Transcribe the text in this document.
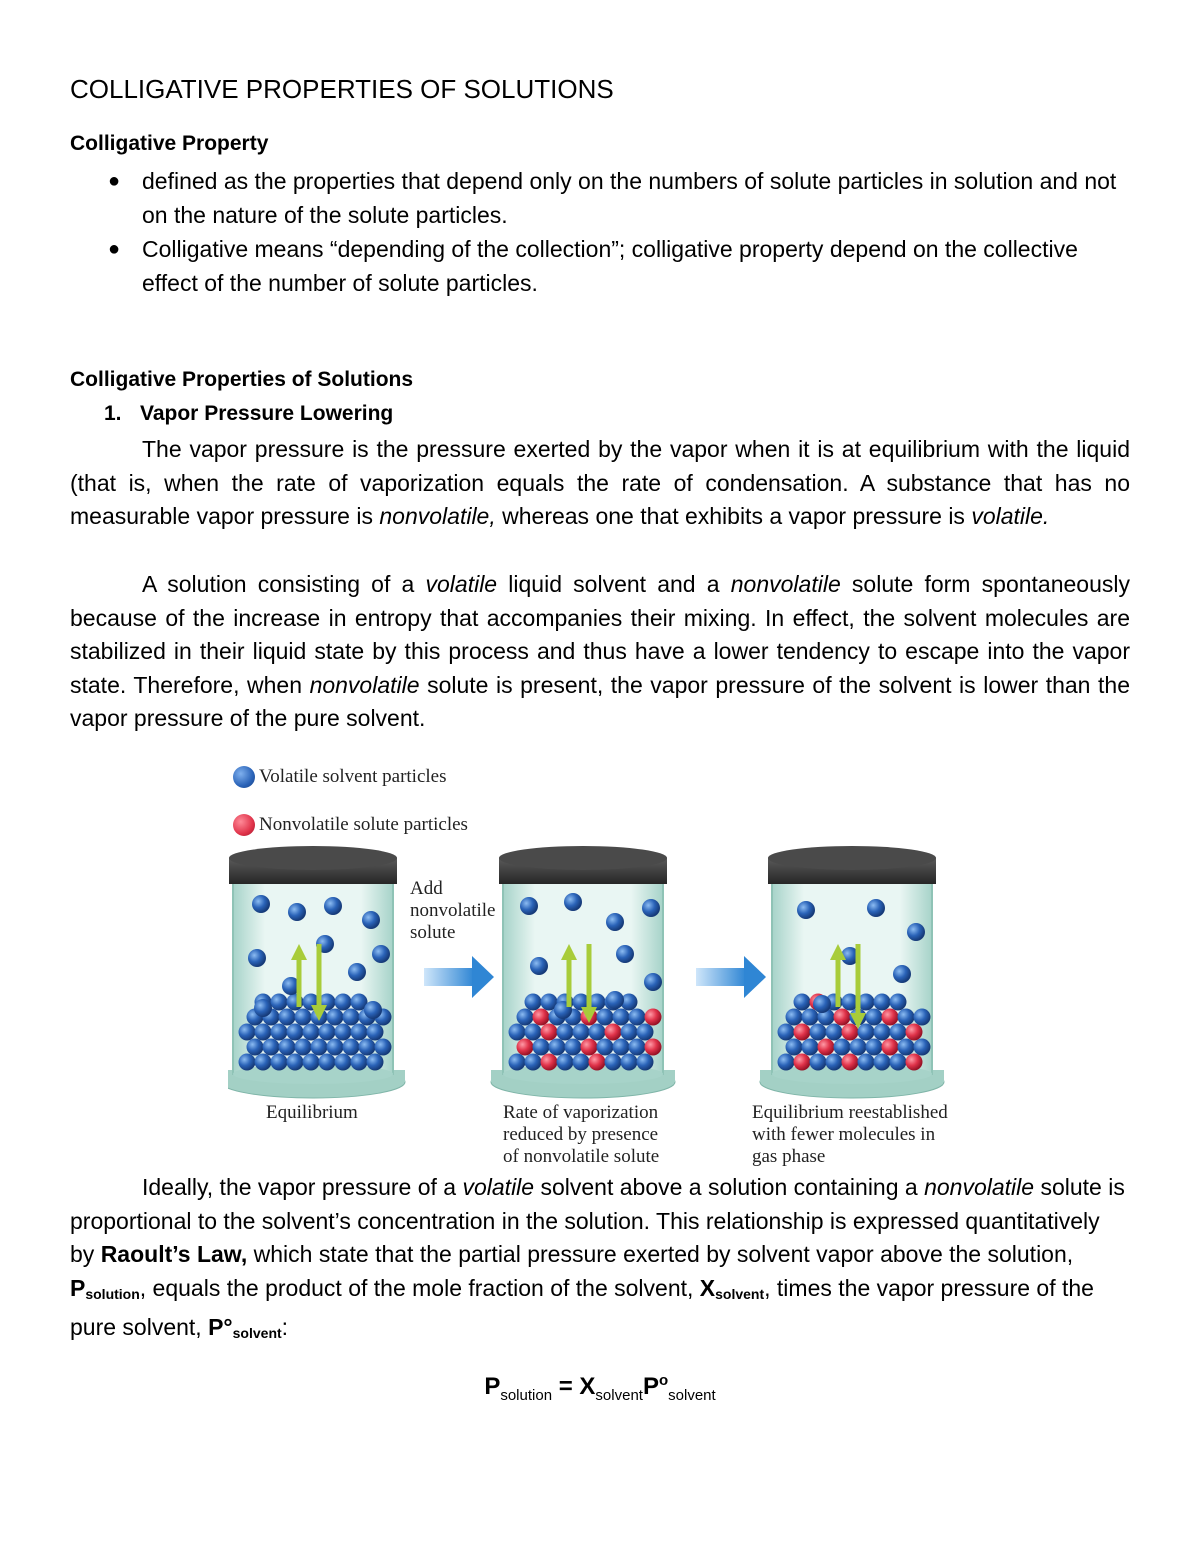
COLLIGATIVE PROPERTIES OF SOLUTIONS
Colligative Property
● defined as the properties that depend only on the numbers of solute particles in solution and not on the nature of the solute particles.
● Colligative means “depending of the collection”; colligative property depend on the collective effect of the number of solute particles.
Colligative Properties of Solutions
1. Vapor Pressure Lowering

The vapor pressure is the pressure exerted by the vapor when it is at equilibrium with the liquid (that is, when the rate of vaporization equals the rate of condensation. A substance that has no measurable vapor pressure is nonvolatile, whereas one that exhibits a vapor pressure is volatile.

A solution consisting of a volatile liquid solvent and a nonvolatile solute form spontaneously because of the increase in entropy that accompanies their mixing. In effect, the solvent molecules are stabilized in their liquid state by this process and thus have a lower tendency to escape into the vapor state. Therefore, when nonvolatile solute is present, the vapor pressure of the solvent is lower than the vapor pressure of the pure solvent.

Volatile solvent particles
Nonvolatile solute particles
Add
nonvolatile
solute
Equilibrium	Rate of vaporization
reduced by presence
of nonvolatile solute
Equilibrium reestablished
with fewer molecules in
gas phase

Ideally, the vapor pressure of a volatile solvent above a solution containing a nonvolatile solute is proportional to the solvent’s concentration in the solution. This relationship is expressed quantitatively by Raoult’s Law, which state that the partial pressure exerted by solvent vapor above the solution, $P_{solution}$, equals the product of the mole fraction of the solvent, $X_{solvent}$, times the vapor pressure of the pure solvent, $P^\circ_{solvent}$:

$P_{solution} = X_{solvent}P^o_{solvent}$
